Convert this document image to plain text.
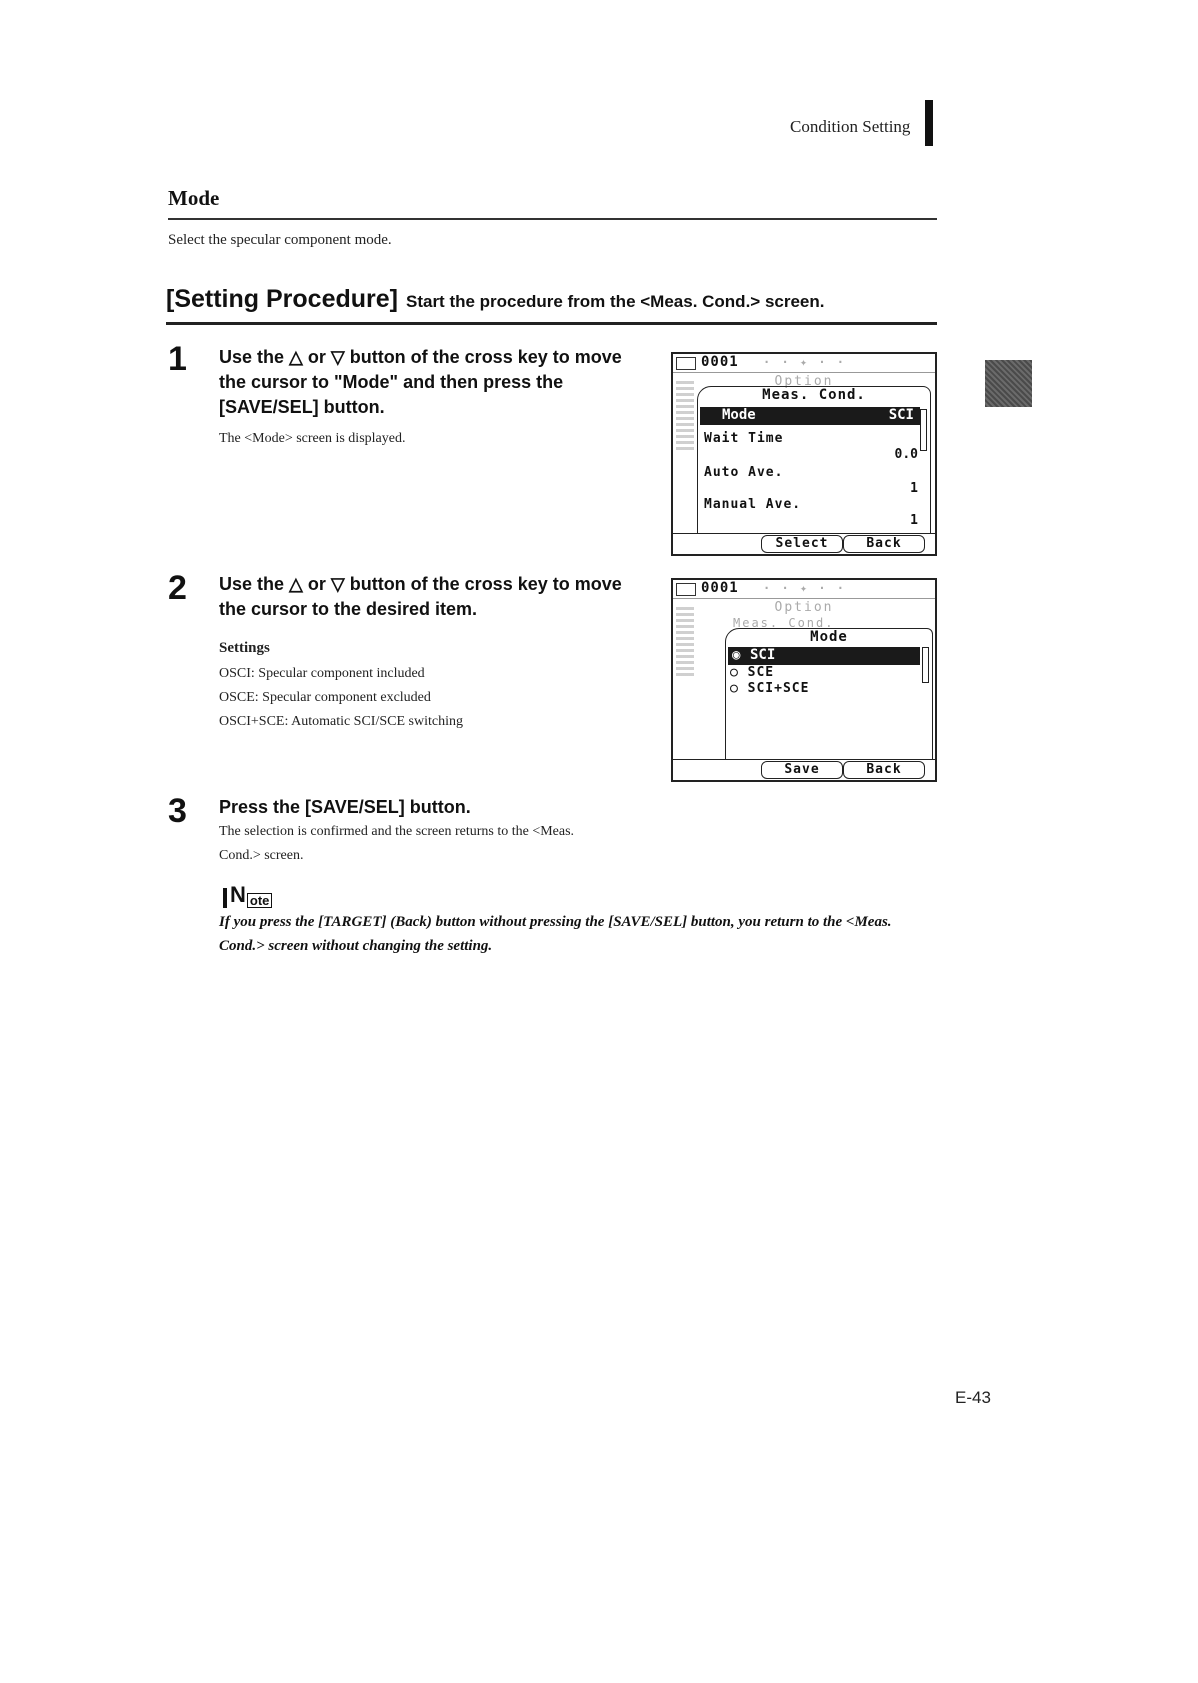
Condition Setting
Mode
Select the specular component mode.
[Setting Procedure] Start the procedure from the <Meas. Cond.> screen.
1 Use the △ or ▽ button of the cross key to move the cursor to "Mode" and then press the [SAVE/SEL] button.
The <Mode> screen is displayed.
0001 · · ✦ · ·
Option
Meas. Cond.
Mode	SCI
Wait Time
0.0
Auto Ave.
1
Manual Ave.
1
Select	Back
2 Use the △ or ▽ button of the cross key to move the cursor to the desired item.
Settings
OSCI: Specular component included
OSCE: Specular component excluded
OSCI+SCE: Automatic SCI/SCE switching
0001 · · ✦ · ·
Option
Meas. Cond.
Mode
◉ SCI
○ SCE
○ SCI+SCE
Save	Back
3 Press the [SAVE/SEL] button.
The selection is confirmed and the screen returns to the <Meas. Cond.> screen.
N ote
If you press the [TARGET] (Back) button without pressing the [SAVE/SEL] button, you return to the <Meas. Cond.> screen without changing the setting.
E-43
